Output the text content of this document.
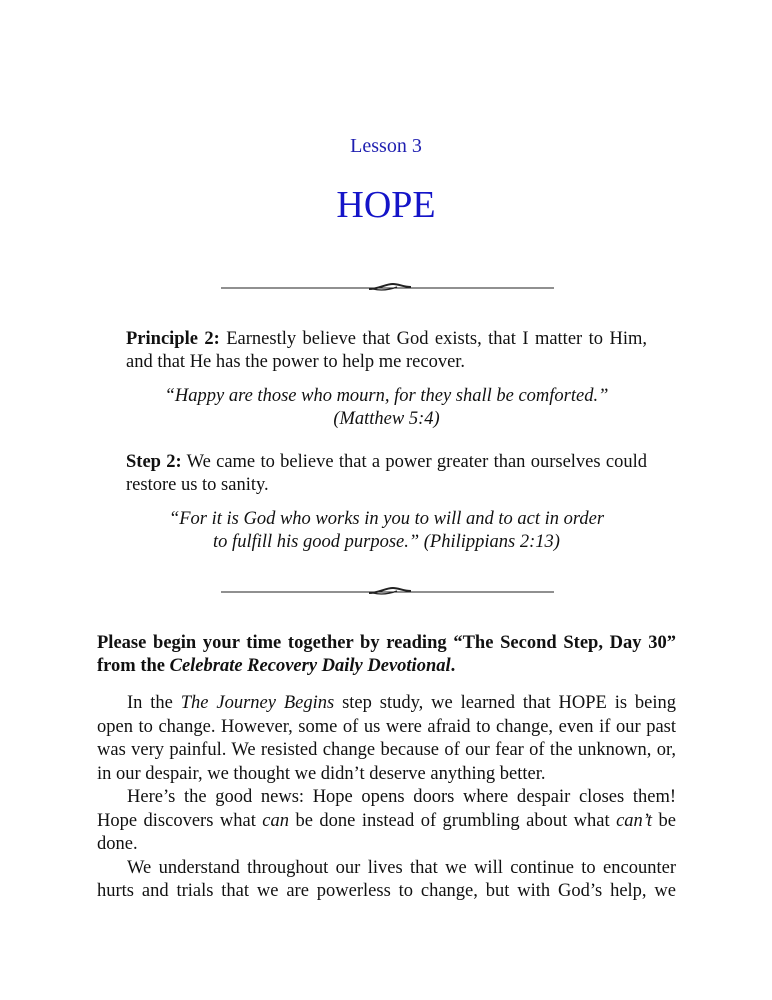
Lesson 3
HOPE
Principle 2: Earnestly believe that God exists, that I matter to Him, and that He has the power to help me recover.
“Happy are those who mourn, for they shall be comforted.”
(Matthew 5:4)
Step 2: We came to believe that a power greater than ourselves could restore us to sanity.
“For it is God who works in you to will and to act in order
to fulfill his good purpose.” (Philippians 2:13)
Please begin your time together by reading “The Second Step, Day 30” from the Celebrate Recovery Daily Devotional.

In the The Journey Begins step study, we learned that HOPE is being open to change. However, some of us were afraid to change, even if our past was very painful. We resisted change because of our fear of the unknown, or, in our despair, we thought we didn’t deserve anything better.

Here’s the good news: Hope opens doors where despair closes them! Hope discovers what can be done instead of grumbling about what can’t be done.

We understand throughout our lives that we will continue to encounter hurts and trials that we are powerless to change, but with God’s help, we
